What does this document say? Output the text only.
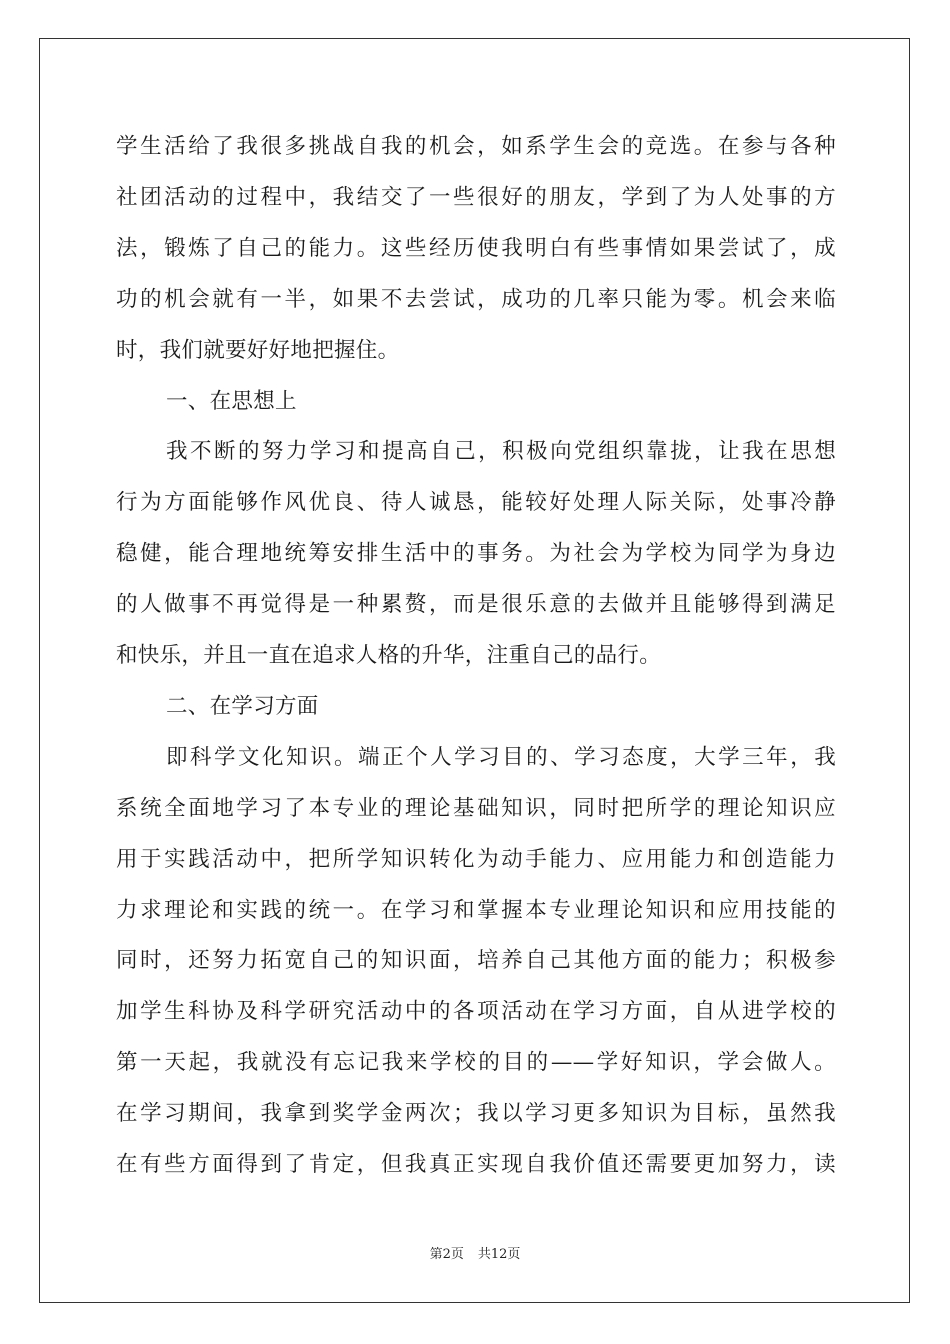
学生活给了我很多挑战自我的机会，如系学生会的竞选。在参与各种
社团活动的过程中，我结交了一些很好的朋友，学到了为人处事的方
法，锻炼了自己的能力。这些经历使我明白有些事情如果尝试了，成
功的机会就有一半，如果不去尝试，成功的几率只能为零。机会来临
时，我们就要好好地把握住。
一、在思想上
我不断的努力学习和提高自己，积极向党组织靠拢，让我在思想
行为方面能够作风优良、待人诚恳，能较好处理人际关际，处事冷静
稳健，能合理地统筹安排生活中的事务。为社会为学校为同学为身边
的人做事不再觉得是一种累赘，而是很乐意的去做并且能够得到满足
和快乐，并且一直在追求人格的升华，注重自己的品行。
二、在学习方面
即科学文化知识。端正个人学习目的、学习态度，大学三年，我
系统全面地学习了本专业的理论基础知识，同时把所学的理论知识应
用于实践活动中，把所学知识转化为动手能力、应用能力和创造能力
力求理论和实践的统一。在学习和掌握本专业理论知识和应用技能的
同时，还努力拓宽自己的知识面，培养自己其他方面的能力；积极参
加学生科协及科学研究活动中的各项活动在学习方面，自从进学校的
第一天起，我就没有忘记我来学校的目的——学好知识，学会做人。
在学习期间，我拿到奖学金两次；我以学习更多知识为目标，虽然我
在有些方面得到了肯定，但我真正实现自我价值还需要更加努力，读
第2页 共12页
